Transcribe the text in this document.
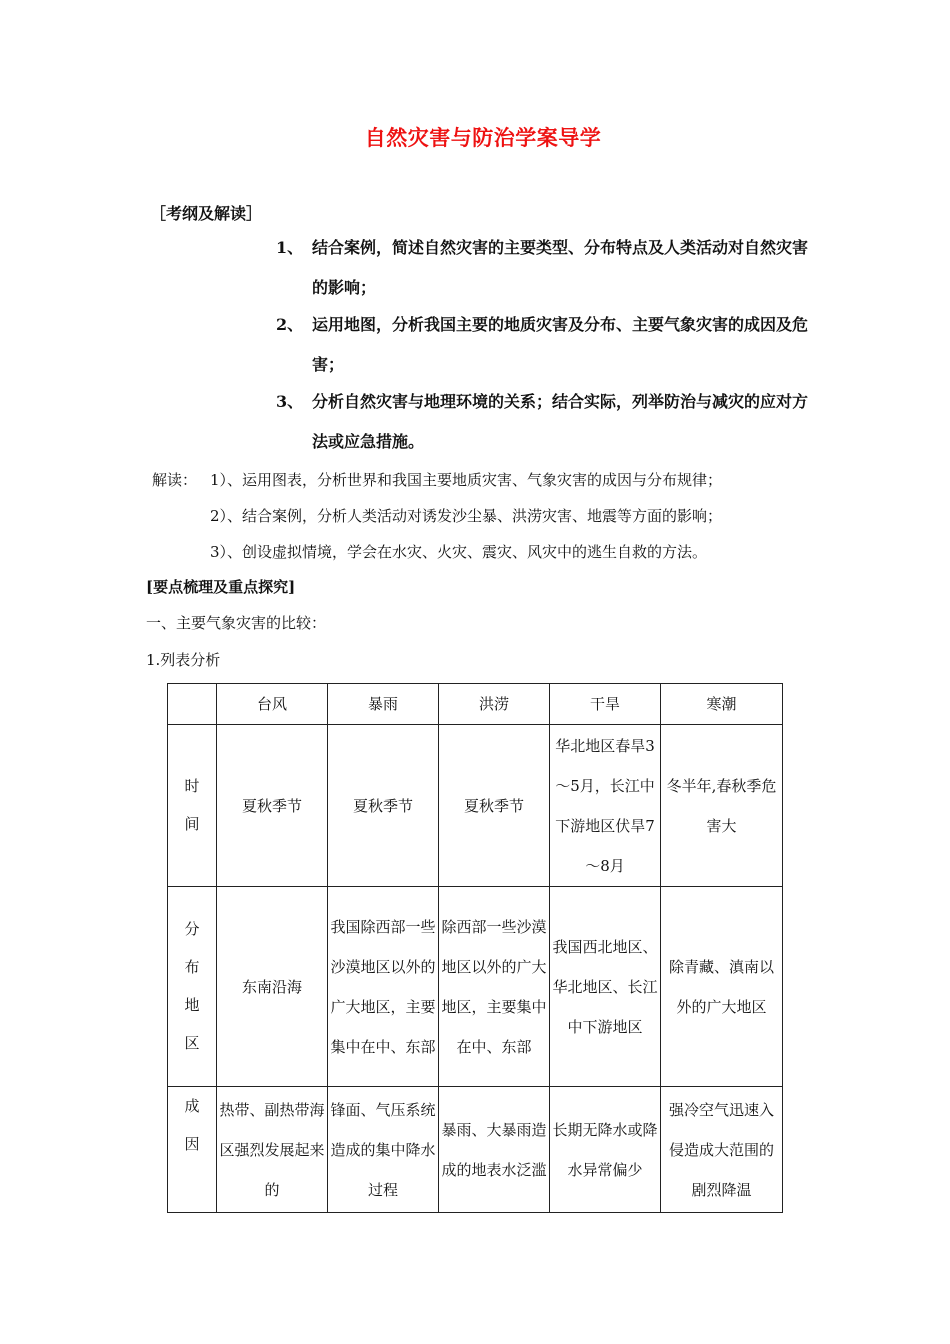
自然灾害与防治学案导学
［考纲及解读］
1、 结合案例，简述自然灾害的主要类型、分布特点及人类活动对自然灾害的影响；
2、 运用地图，分析我国主要的地质灾害及分布、主要气象灾害的成因及危害；
3、 分析自然灾害与地理环境的关系；结合实际，列举防治与减灾的应对方法或应急措施。
解读： 1）、运用图表，分析世界和我国主要地质灾害、气象灾害的成因与分布规律；
2）、结合案例，分析人类活动对诱发沙尘暴、洪涝灾害、地震等方面的影响；
3）、创设虚拟情境，学会在水灾、火灾、震灾、风灾中的逃生自救的方法。
[要点梳理及重点探究]
一、主要气象灾害的比较：
1.列表分析
	台风	暴雨	洪涝	干旱	寒潮
时间	夏秋季节	夏秋季节	夏秋季节	华北地区春旱3～5月，长江中下游地区伏旱7～8月	冬半年,春秋季危害大
分布地区	东南沿海	我国除西部一些沙漠地区以外的广大地区，主要集中在中、东部	除西部一些沙漠地区以外的广大地区，主要集中在中、东部	我国西北地区、华北地区、长江中下游地区	除青藏、滇南以外的广大地区
成因	热带、副热带海区强烈发展起来的	锋面、气压系统造成的集中降水过程	暴雨、大暴雨造成的地表水泛滥	长期无降水或降水异常偏少	强冷空气迅速入侵造成大范围的剧烈降温
